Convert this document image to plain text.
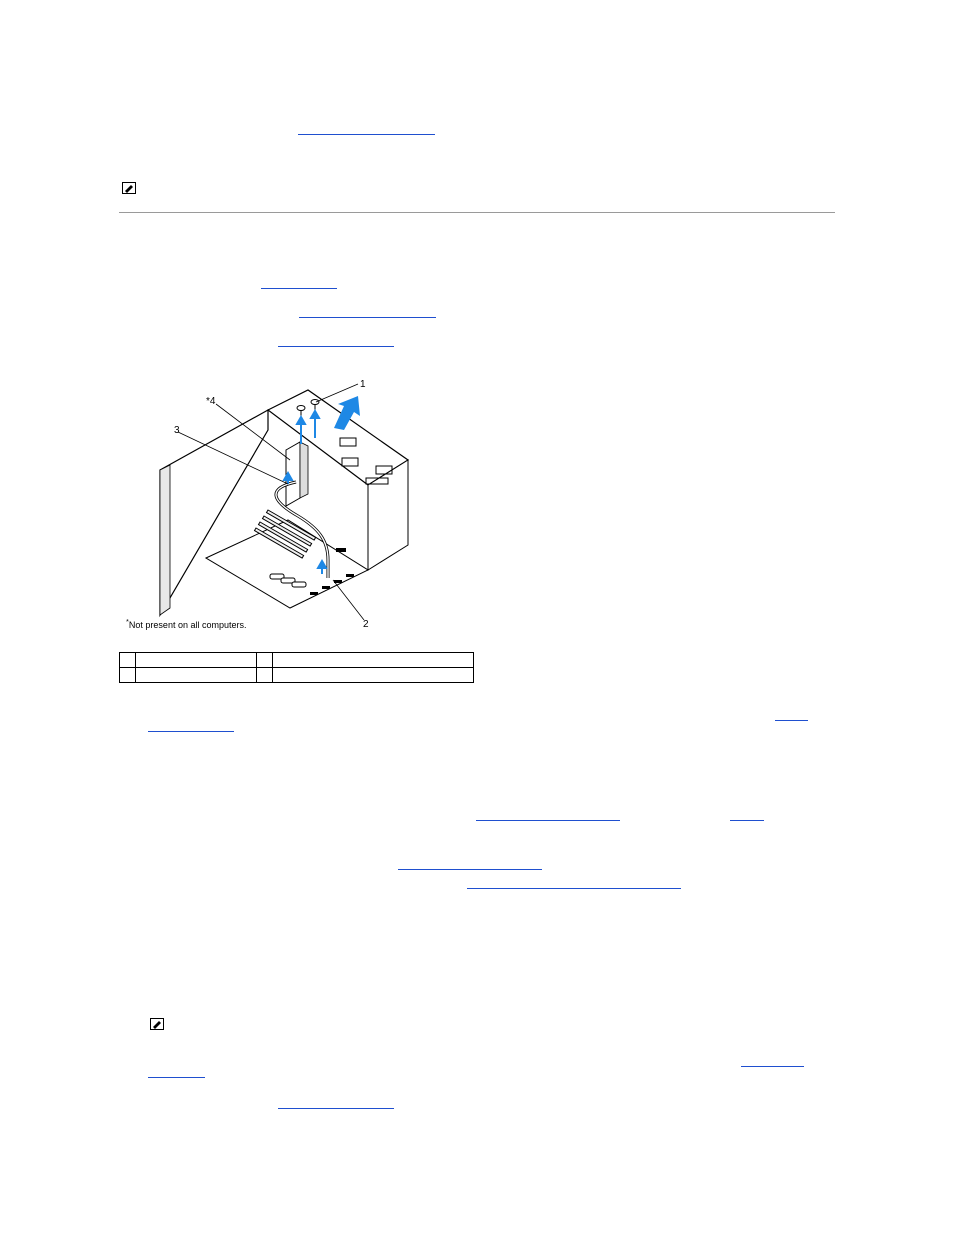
1
*4
3
2
*Not present on all computers.
